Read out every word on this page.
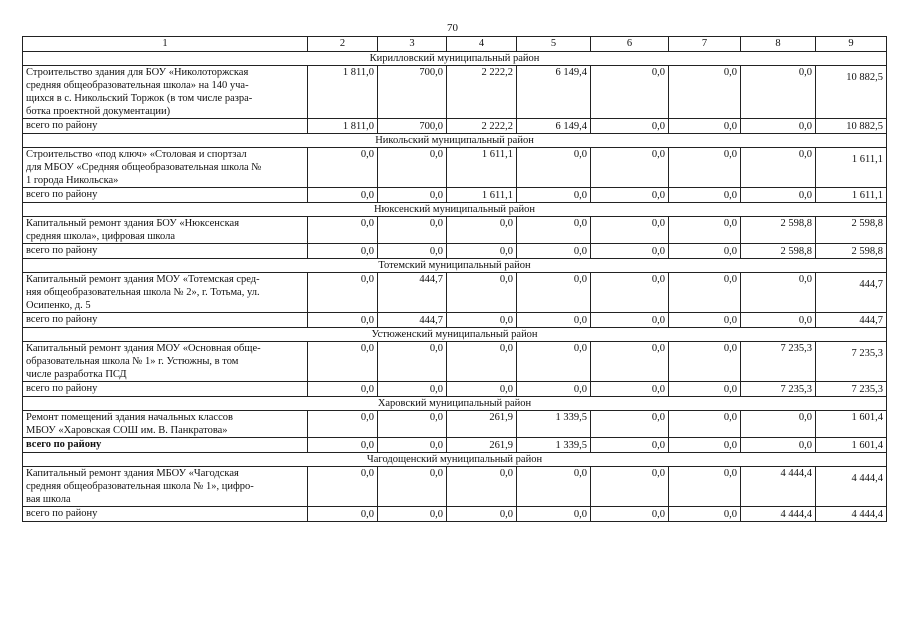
70
1	2	3	4	5	6	7	8	9
Кирилловский муниципальный район								

Строительство здания для БОУ «Николоторжская
средняя общеобразовательная школа» на 140 уча-
щихся в с. Никольский Торжок (в том числе разра-
ботка проектной документации)	1 811,0	700,0	2 222,2	6 149,4	0,0	0,0	0,0	10 882,5
всего по району	1 811,0	700,0	2 222,2	6 149,4	0,0	0,0	0,0	10 882,5
Никольский муниципальный район								

Строительство «под ключ» «Столовая и спортзал
для МБОУ «Средняя общеобразовательная школа №
1 города Никольска»	0,0	0,0	1 611,1	0,0	0,0	0,0	0,0	1 611,1
всего по району	0,0	0,0	1 611,1	0,0	0,0	0,0	0,0	1 611,1
Нюксенский муниципальный район								

Капитальный ремонт здания БОУ «Нюксенская
средняя школа», цифровая школа	0,0	0,0	0,0	0,0	0,0	0,0	2 598,8	2 598,8
всего по району	0,0	0,0	0,0	0,0	0,0	0,0	2 598,8	2 598,8
Тотемский муниципальный район								

Капитальный ремонт здания МОУ «Тотемская сред-
няя общеобразовательная школа № 2», г. Тотьма, ул.
Осипенко, д. 5	0,0	444,7	0,0	0,0	0,0	0,0	0,0	444,7
всего по району	0,0	444,7	0,0	0,0	0,0	0,0	0,0	444,7
Устюженский муниципальный район								

Капитальный ремонт здания МОУ «Основная обще-
образовательная школа № 1» г. Устюжны, в том
числе разработка ПСД	0,0	0,0	0,0	0,0	0,0	0,0	7 235,3	7 235,3
всего по району	0,0	0,0	0,0	0,0	0,0	0,0	7 235,3	7 235,3
Харовский муниципальный район								

Ремонт помещений здания начальных классов
МБОУ «Харовская СОШ им. В. Панкратова»	0,0	0,0	261,9	1 339,5	0,0	0,0	0,0	1 601,4
всего по району	0,0	0,0	261,9	1 339,5	0,0	0,0	0,0	1 601,4
Чагодощенский муниципальный район								

Капитальный ремонт здания МБОУ «Чагодская
средняя общеобразовательная школа № 1», цифро-
вая школа	0,0	0,0	0,0	0,0	0,0	0,0	4 444,4	4 444,4
всего по району	0,0	0,0	0,0	0,0	0,0	0,0	4 444,4	4 444,4
